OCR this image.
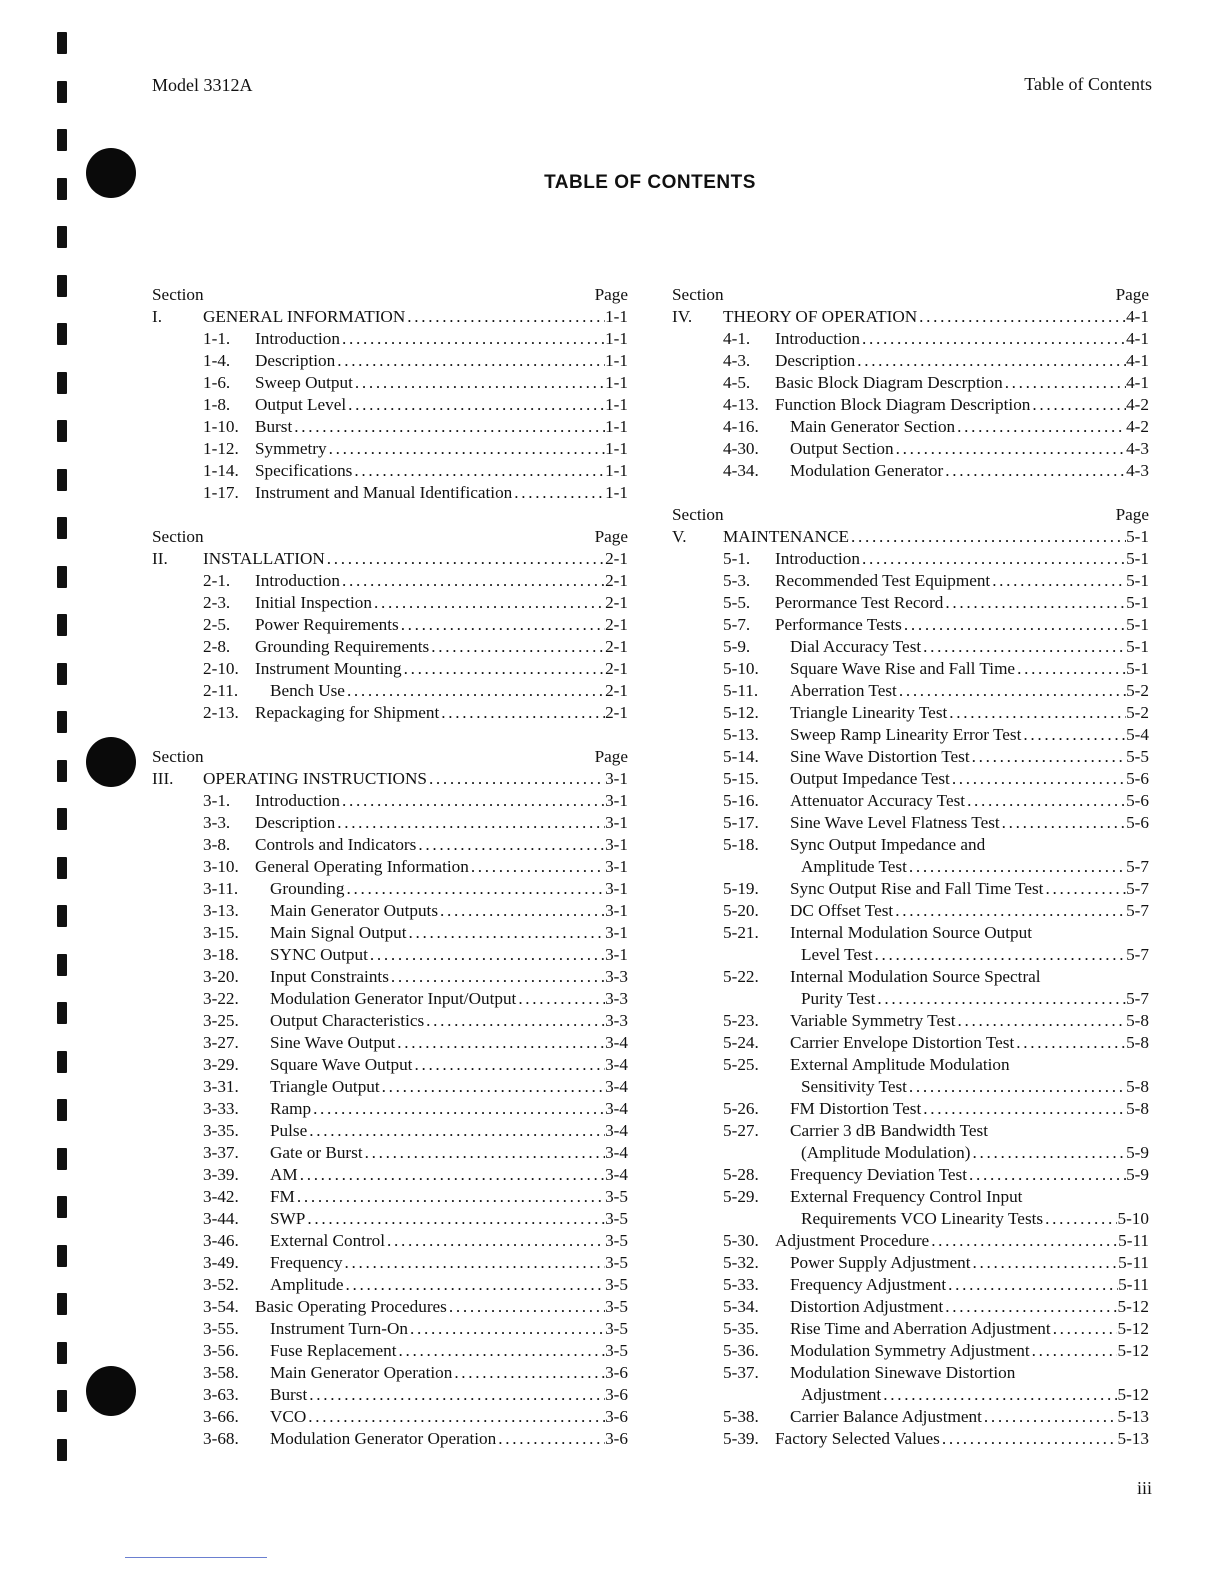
Model 3312A	Table of Contents
TABLE OF CONTENTS
Section	Page
I.	GENERAL INFORMATION . . .	1-1
1-1.	Introduction . . .	1-1
1-4.	Description . . .	1-1
1-6.	Sweep Output . . .	1-1
1-8.	Output Level . . .	1-1
1-10. Burst . . .	1-1
1-12. Symmetry . . .	1-1
1-14. Specifications . . .	1-1
1-17. Instrument and Manual Identification . . .	1-1
Section	Page
II.	INSTALLATION . . .	2-1
2-1.	Introduction . . .	2-1
2-3.	Initial Inspection . . .	2-1
2-5.	Power Requirements . . .	2-1
2-8.	Grounding Requirements . . .	2-1
2-10. Instrument Mounting . . .	2-1
2-11.	Bench Use . . .	2-1
2-13. Repackaging for Shipment . . .	2-1
Section	Page
III.	OPERATING INSTRUCTIONS . . .	3-1
3-1.	Introduction . . .	3-1
3-3.	Description . . .	3-1
3-8.	Controls and Indicators . . .	3-1
3-10. General Operating Information . . .	3-1
3-11.	Grounding . . .	3-1
3-13.	Main Generator Outputs . . .	3-1
3-15.	Main Signal Output . . .	3-1
3-18.	SYNC Output . . .	3-1
3-20.	Input Constraints . . .	3-3
3-22.	Modulation Generator Input/Output . . .	3-3
3-25.	Output Characteristics . . .	3-3
3-27.	Sine Wave Output . . .	3-4
3-29.	Square Wave Output . . .	3-4
3-31.	Triangle Output . . .	3-4
3-33.	Ramp . . .	3-4
3-35.	Pulse . . .	3-4
3-37.	Gate or Burst . . .	3-4
3-39.	AM . . .	3-4
3-42.	FM . . .	3-5
3-44.	SWP . . .	3-5
3-46.	External Control . . .	3-5
3-49.	Frequency . . .	3-5
3-52.	Amplitude . . .	3-5
3-54. Basic Operating Procedures . . .	3-5
3-55.	Instrument Turn-On . . .	3-5
3-56.	Fuse Replacement . . .	3-5
3-58.	Main Generator Operation . . .	3-6
3-63.	Burst . . .	3-6
3-66.	VCO . . .	3-6
3-68.	Modulation Generator Operation . . .	3-6
Section	Page
IV.	THEORY OF OPERATION . . .	4-1
4-1.	Introduction . . .	4-1
4-3.	Description . . .	4-1
4-5.	Basic Block Diagram Descrption . . .	4-1
4-13. Function Block Diagram Description . . .	4-2
4-16.	Main Generator Section . . .	4-2
4-30.	Output Section . . .	4-3
4-34.	Modulation Generator . . .	4-3
Section	Page
V.	MAINTENANCE . . .	5-1
5-1.	Introduction . . .	5-1
5-3.	Recommended Test Equipment . . .	5-1
5-5.	Perormance Test Record . . .	5-1
5-7.	Performance Tests . . .	5-1
5-9.	Dial Accuracy Test . . .	5-1
5-10.	Square Wave Rise and Fall Time . . .	5-1
5-11.	Aberration Test . . .	5-2
5-12.	Triangle Linearity Test . . .	5-2
5-13.	Sweep Ramp Linearity Error Test . . .	5-4
5-14.	Sine Wave Distortion Test . . .	5-5
5-15.	Output Impedance Test . . .	5-6
5-16.	Attenuator Accuracy Test . . .	5-6
5-17.	Sine Wave Level Flatness Test . . .	5-6
5-18.	Sync Output Impedance and
Amplitude Test . . .	5-7
5-19.	Sync Output Rise and Fall Time Test . . .	5-7
5-20.	DC Offset Test . . .	5-7
5-21.	Internal Modulation Source Output
Level Test . . .	5-7
5-22.	Internal Modulation Source Spectral
Purity Test . . .	5-7
5-23.	Variable Symmetry Test . . .	5-8
5-24.	Carrier Envelope Distortion Test . . .	5-8
5-25.	External Amplitude Modulation
Sensitivity Test . . .	5-8
5-26.	FM Distortion Test . . .	5-8
5-27.	Carrier 3 dB Bandwidth Test
(Amplitude Modulation) . . .	5-9
5-28.	Frequency Deviation Test . . .	5-9
5-29.	External Frequency Control Input
Requirements VCO Linearity Tests . . .	5-10
5-30. Adjustment Procedure . . .	5-11
5-32.	Power Supply Adjustment . . .	5-11
5-33.	Frequency Adjustment . . .	5-11
5-34.	Distortion Adjustment . . .	5-12
5-35.	Rise Time and Aberration Adjustment . . .	5-12
5-36.	Modulation Symmetry Adjustment . . .	5-12
5-37.	Modulation Sinewave Distortion
Adjustment . . .	5-12
5-38.	Carrier Balance Adjustment . . .	5-13
5-39. Factory Selected Values . . .	5-13
iii
